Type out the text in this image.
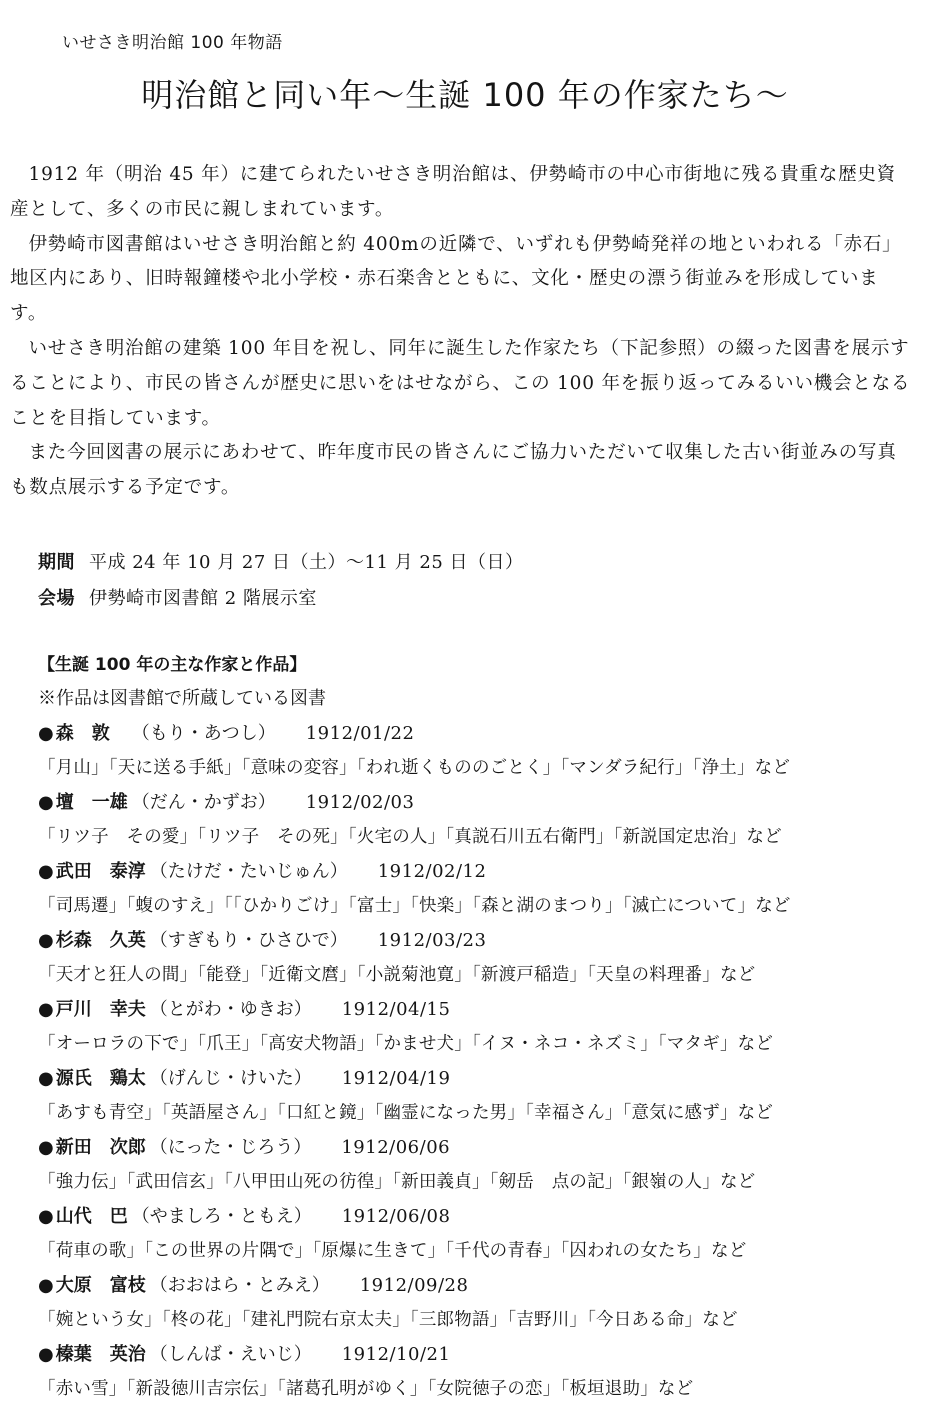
いせさき明治館 100 年物語
明治館と同い年～生誕 100 年の作家たち～

1912 年（明治 45 年）に建てられたいせさき明治館は、伊勢崎市の中心市街地に残る貴重な歴史資産として、多くの市民に親しまれています。

伊勢崎市図書館はいせさき明治館と約 400mの近隣で、いずれも伊勢崎発祥の地といわれる「赤石」地区内にあり、旧時報鐘楼や北小学校・赤石楽舎とともに、文化・歴史の漂う街並みを形成しています。

いせさき明治館の建築 100 年目を祝し、同年に誕生した作家たち（下記参照）の綴った図書を展示することにより、市民の皆さんが歴史に思いをはせながら、この 100 年を振り返ってみるいい機会となることを目指しています。

また今回図書の展示にあわせて、昨年度市民の皆さんにご協力いただいて収集した古い街並みの写真も数点展示する予定です。

期間 平成 24 年 10 月 27 日（土）～11 月 25 日（日）
会場 伊勢崎市図書館 2 階展示室
【生誕 100 年の主な作家と作品】
※作品は図書館で所蔵している図書
● 森　敦 （もり・あつし） 1912/01/22
「月山」「天に送る手紙」「意味の変容」「われ逝くもののごとく」「マンダラ紀行」「浄土」など
● 壇　一雄 （だん・かずお） 1912/02/03
「リツ子　その愛」「リツ子　その死」「火宅の人」「真説石川五右衛門」「新説国定忠治」など
● 武田　泰淳 （たけだ・たいじゅん） 1912/02/12
「司馬遷」「蝮のすえ」「「ひかりごけ」「富士」「快楽」「森と湖のまつり」「滅亡について」など
● 杉森　久英 （すぎもり・ひさひで） 1912/03/23
「天才と狂人の間」「能登」「近衛文麿」「小説菊池寛」「新渡戸稲造」「天皇の料理番」など
● 戸川　幸夫 （とがわ・ゆきお） 1912/04/15
「オーロラの下で」「爪王」「高安犬物語」「かませ犬」「イヌ・ネコ・ネズミ」「マタギ」など
● 源氏　鶏太 （げんじ・けいた） 1912/04/19
「あすも青空」「英語屋さん」「口紅と鏡」「幽霊になった男」「幸福さん」「意気に感ず」など
● 新田　次郎 （にった・じろう） 1912/06/06
「強力伝」「武田信玄」「八甲田山死の彷徨」「新田義貞」「剱岳　点の記」「銀嶺の人」など
● 山代　巴 （やましろ・ともえ） 1912/06/08
「荷車の歌」「この世界の片隅で」「原爆に生きて」「千代の青春」「囚われの女たち」など
● 大原　富枝 （おおはら・とみえ） 1912/09/28
「婉という女」「柊の花」「建礼門院右京太夫」「三郎物語」「吉野川」「今日ある命」など
● 榛葉　英治 （しんば・えいじ） 1912/10/21
「赤い雪」「新設徳川吉宗伝」「諸葛孔明がゆく」「女院徳子の恋」「板垣退助」など
